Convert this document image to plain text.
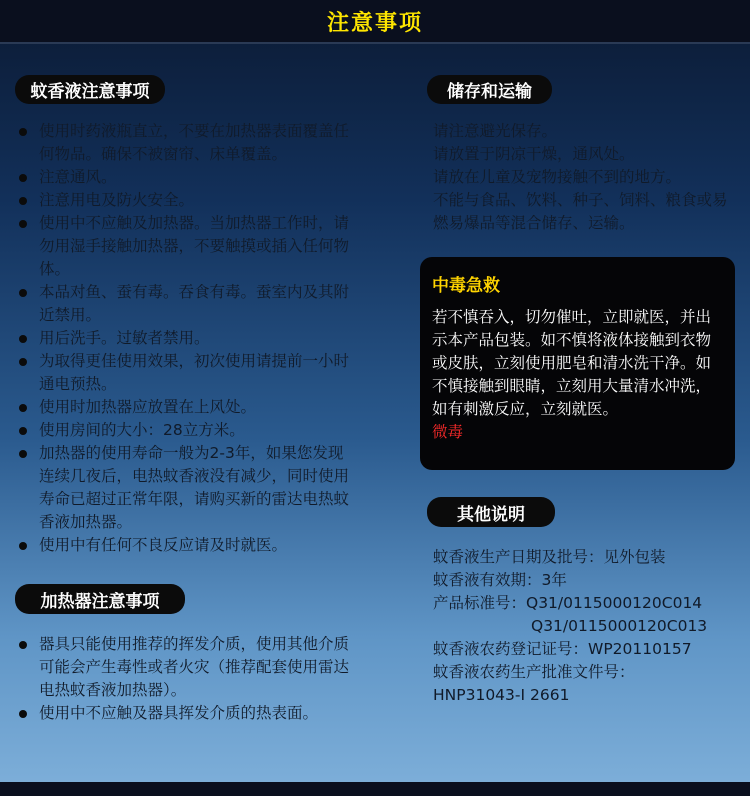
注意事项
蚊香液注意事项
使用时药液瓶直立，不要在加热器表面覆盖任何物品。确保不被窗帘、床单覆盖。
注意通风。
注意用电及防火安全。
使用中不应触及加热器。当加热器工作时，请勿用湿手接触加热器，不要触摸或插入任何物体。
本品对鱼、蚕有毒。吞食有毒。蚕室内及其附近禁用。
用后洗手。过敏者禁用。
为取得更佳使用效果，初次使用请提前一小时通电预热。
使用时加热器应放置在上风处。
使用房间的大小：28立方米。
加热器的使用寿命一般为2-3年，如果您发现连续几夜后，电热蚊香液没有减少，同时使用寿命已超过正常年限，请购买新的雷达电热蚊香液加热器。
使用中有任何不良反应请及时就医。
加热器注意事项
器具只能使用推荐的挥发介质，使用其他介质可能会产生毒性或者火灾（推荐配套使用雷达电热蚊香液加热器）。
使用中不应触及器具挥发介质的热表面。
储存和运输
请注意避光保存。
请放置于阴凉干燥，通风处。
请放在儿童及宠物接触不到的地方。
不能与食品、饮料、种子、饲料、粮食或易燃易爆品等混合储存、运输。
中毒急救
若不慎吞入，切勿催吐，立即就医，并出示本产品包装。如不慎将液体接触到衣物或皮肤，立刻使用肥皂和清水洗干净。如不慎接触到眼睛，立刻用大量清水冲洗，如有刺激反应，立刻就医。
微毒
其他说明
蚊香液生产日期及批号：见外包装
蚊香液有效期：3年
产品标准号：Q31/0115000120C014
Q31/0115000120C013
蚊香液农药登记证号：WP20110157
蚊香液农药生产批准文件号：
HNP31043-I 2661
